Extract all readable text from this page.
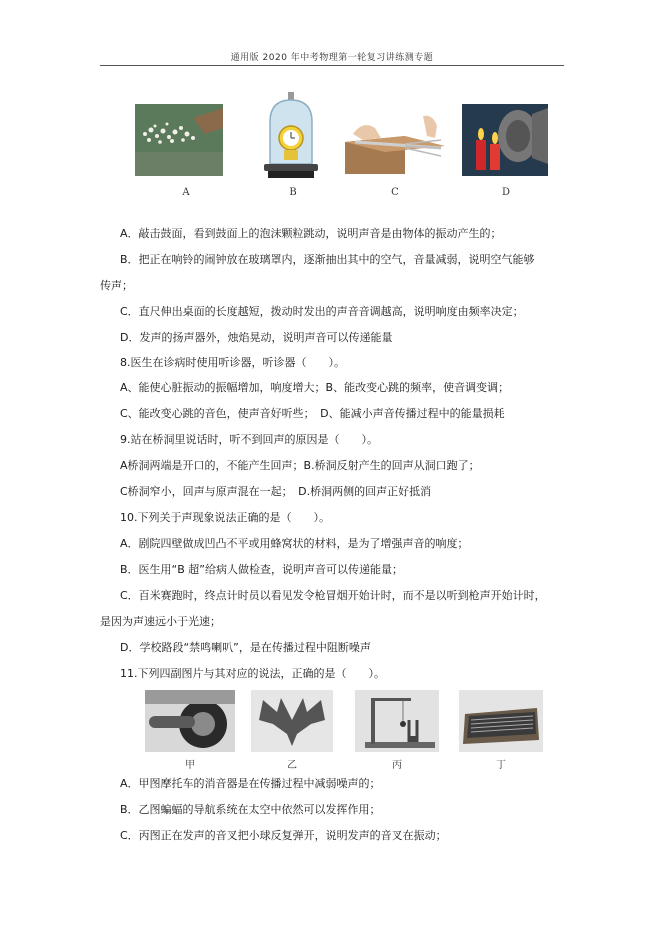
通用版 2020 年中考物理第一轮复习讲练测专题
A	B	C	D
A．敲击鼓面，看到鼓面上的泡沫颗粒跳动，说明声音是由物体的振动产生的；
B．把正在响铃的闹钟放在玻璃罩内，逐渐抽出其中的空气，音量减弱，说明空气能够
传声；
C．直尺伸出桌面的长度越短，拨动时发出的声音音调越高，说明响度由频率决定；
D．发声的扬声器外，烛焰晃动，说明声音可以传递能量
8.医生在诊病时使用听诊器，听诊器（　　）。
A、能使心脏振动的振幅增加，响度增大；B、能改变心跳的频率，使音调变调；
C、能改变心跳的音色，使声音好听些；　D、能减小声音传播过程中的能量损耗
9.站在桥洞里说话时，听不到回声的原因是（　　）。
A桥洞两端是开口的，不能产生回声；B.桥洞反射产生的回声从洞口跑了；
C桥洞窄小，回声与原声混在一起；　D.桥洞两侧的回声正好抵消
10.下列关于声现象说法正确的是（　　）。
A．剧院四壁做成凹凸不平或用蜂窝状的材料，是为了增强声音的响度；
B．医生用“B 超”给病人做检查，说明声音可以传递能量；
C．百米赛跑时，终点计时员以看见发令枪冒烟开始计时，而不是以听到枪声开始计时，
是因为声速远小于光速；
D．学校路段“禁鸣喇叭”，是在传播过程中阻断噪声
11.下列四副图片与其对应的说法，正确的是（　　）。
甲	乙	丙	丁
A．甲图摩托车的消音器是在传播过程中减弱噪声的；
B．乙图蝙蝠的导航系统在太空中依然可以发挥作用；
C．丙图正在发声的音叉把小球反复弹开，说明发声的音叉在振动；
